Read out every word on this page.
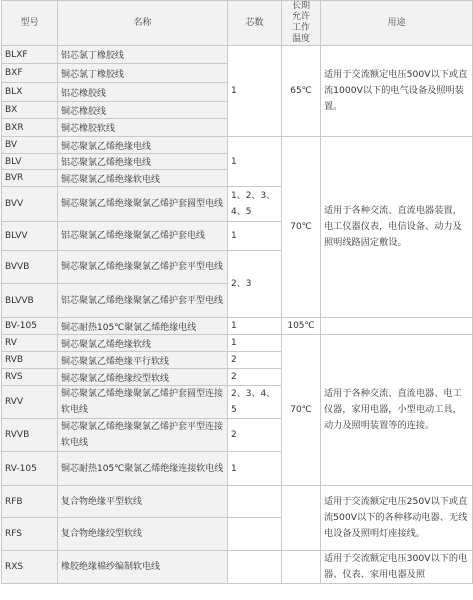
型号	名称	芯数	长期允许工作温度	用途
BLXF	铝芯氯丁橡胶线	1	65℃	适用于交流额定电压500V以下或直流1000V以下的电气设备及照明装置。
BXF	铜芯氯丁橡胶线			
BLX	铝芯橡胶线			
BX	铜芯橡胶线			
BXR	铜芯橡胶软线			
BV	铜芯聚氯乙烯绝缘电线	1	70℃	适用于各种交流、直流电器装置，电工仪器仪表，电信设备、动力及照明线路固定敷设。
BLV	铝芯聚氯乙烯绝缘电线			
BVR	铜芯聚氯乙烯绝缘软电线			
BVV	铜芯聚氯乙烯绝缘聚氯乙烯护套圆型电线	1、2、3、4、5		
BLVV	铝芯聚氯乙烯绝缘聚氯乙烯护套电线	1		
BVVB	铜芯聚氯乙烯绝缘聚氯乙烯护套平型电线	2、3		
BLVVB	铝芯聚氯乙烯绝缘聚氯乙烯护套平型电线			
BV-105	铜芯耐热105℃聚氯乙烯绝缘电线	1	105℃	
RV	铜芯聚氯乙烯绝缘软线	1	70℃	适用于各种交流、直流电器、电工仪器，家用电器，小型电动工具，动力及照明装置等的连接。
RVB	铜芯聚氯乙烯绝缘平行软线	2		
RVS	铜芯聚氯乙烯绝缘绞型软线	2		
RVV	铜芯聚氯乙烯绝缘聚氯乙烯护套圆型连接软电线	2、3、4、5		
RVVB	铜芯聚氯乙烯绝缘聚氯乙烯护套平型连接软电线	2		
RV-105	铜芯耐热105℃聚氯乙烯绝缘连接软电线	1		
RFB	复合物绝缘平型软线			适用于交流额定电压250V以下或直流500V以下的各种移动电器、无线电设备及照明灯座接线。
RFS	复合物绝缘绞型软线			
RXS	橡胶绝缘棉纱编制软电线			适用于交流额定电压300V以下的电器、仪表、家用电器及照
